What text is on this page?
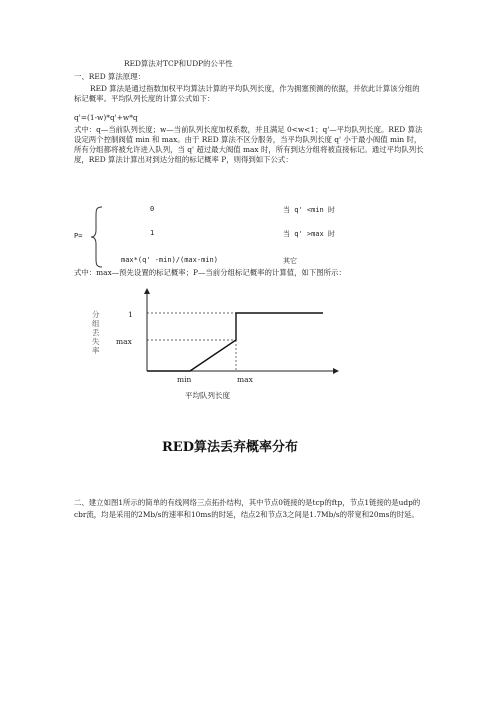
RED算法对TCP和UDP的公平性
一、RED 算法原理：
RED 算法是通过指数加权平均算法计算的平均队列长度，作为拥塞预测的依据，并依此计算该分组的标记概率。平均队列长度的计算公式如下：
q'=(1-w)*q'+w*q
式中：q—当前队列长度；w—当前队列长度加权系数，并且满足 0<w<1；q'—平均队列长度。RED 算法设定两个控制阀值 min 和 max。由于 RED 算法不区分服务，当平均队列长度 q' 小于最小阀值 min 时，所有分组都将被允许进入队列，当 q' 超过最大阀值 max 时，所有到达分组将被直接标记。通过平均队列长度，RED 算法计算出对到达分组的标记概率 P，则得到如下公式：
P=
0	当 q' <min 时
1	当 q' >max 时
max*(q' -min)/(max-min)	其它
式中：max—预先设置的标记概率；P—当前分组标记概率的计算值，如下图所示：
1
max
min	max
平均队列长度
分组丢失率
RED算法丢弃概率分布
二、建立如图1所示的简单的有线网络三点拓扑结构，其中节点0链接的是tcp的ftp，节点1链接的是udp的cbr流，均是采用的2Mb/s的速率和10ms的时延，结点2和节点3之间是1.7Mb/s的带宽和20ms的时延。
